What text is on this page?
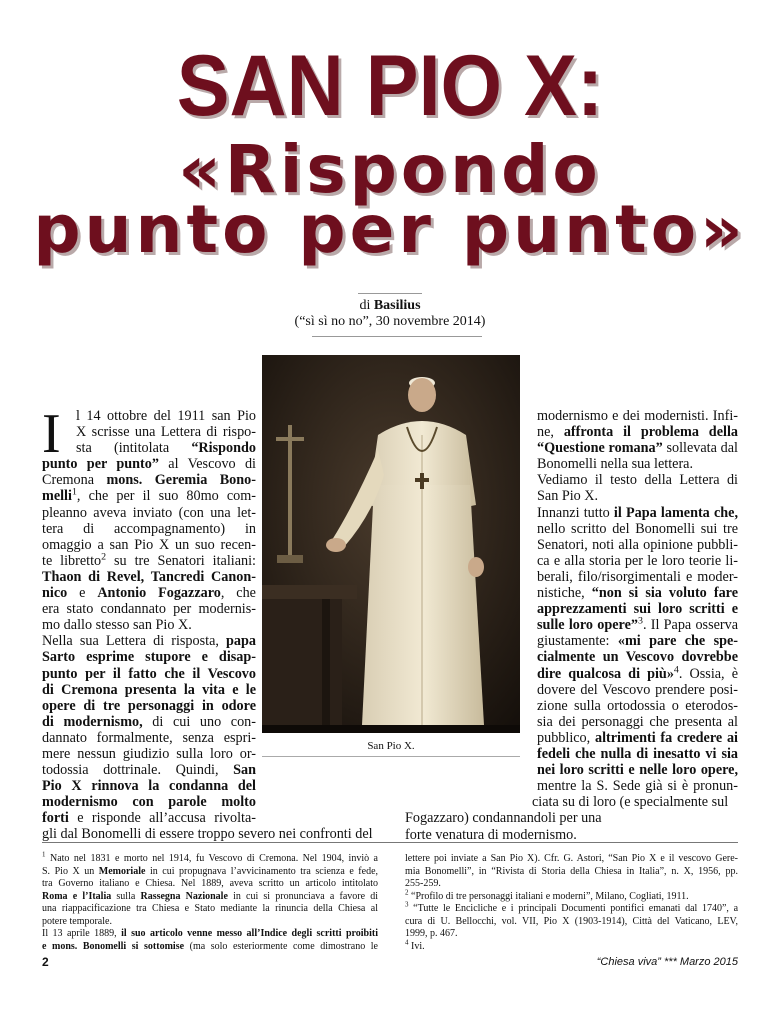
SAN PIO X:
«Rispondo
punto per punto»
di Basilius
(“sì sì no no”, 30 novembre 2014)
San Pio X.
I l 14 ottobre del 1911 san Pio
X scrisse una Lettera di rispo-
sta (intitolata “Rispondo
punto per punto” al Vescovo di
Cremona mons. Geremia Bono-
melli$^1$, che per il suo 80mo com-
pleanno aveva inviato (con una let-
tera di accompagnamento) in
omaggio a san Pio X un suo recen-
te libretto$^2$ su tre Senatori italiani:
Thaon di Revel, Tancredi Canon-
nico e Antonio Fogazzaro, che
era stato condannato per modernis-
mo dallo stesso san Pio X.
Nella sua Lettera di risposta, papa
Sarto esprime stupore e disap-
punto per il fatto che il Vescovo
di Cremona presenta la vita e le
opere di tre personaggi in odore
di modernismo, di cui uno con-
dannato formalmente, senza espri-
mere nessun giudizio sulla loro or-
todossia dottrinale. Quindi, San
Pio X rinnova la condanna del
modernismo con parole molto
forti e risponde all’accusa rivolta-
gli dal Bonomelli di essere troppo severo nei confronti del
modernismo e dei modernisti. Infi-
ne, affronta il problema della
“Questione romana” sollevata dal
Bonomelli nella sua lettera.
Vediamo il testo della Lettera di
San Pio X.
Innanzi tutto il Papa lamenta che,
nello scritto del Bonomelli sui tre
Senatori, noti alla opinione pubbli-
ca e alla storia per le loro teorie li-
berali, filo/risorgimentali e moder-
nistiche, “non si sia voluto fare
apprezzamenti sui loro scritti e
sulle loro opere”$^3$. Il Papa osserva
giustamente: «mi pare che spe-
cialmente un Vescovo dovrebbe
dire qualcosa di più»$^4$. Ossia, è
dovere del Vescovo prendere posi-
zione sulla ortodossia o eterodos-
sia dei personaggi che presenta al
pubblico, altrimenti fa credere ai
fedeli che nulla di inesatto vi sia
nei loro scritti e nelle loro opere,
mentre la S. Sede già si è pronun-
ciata su di loro (e specialmente sul
Fogazzaro) condannandoli per una
forte venatura di modernismo.
$^1$ Nato nel 1831 e morto nel 1914, fu Vescovo di Cremona. Nel 1904, inviò a
S. Pio X un Memoriale in cui propugnava l’avvicinamento tra scienza e fede,
tra Governo italiano e Chiesa. Nel 1889, aveva scritto un articolo intitolato
Roma e l’Italia sulla Rassegna Nazionale in cui si pronunciava a favore di
una riappacificazione tra Chiesa e Stato mediante la rinuncia della Chiesa al
potere temporale.
Il 13 aprile 1889, il suo articolo venne messo all’Indice degli scritti proibiti
e mons. Bonomelli si sottomise (ma solo esteriormente come dimostrano le
lettere poi inviate a San Pio X). Cfr. G. Astori, “San Pio X e il vescovo Gere-
mia Bonomelli”, in “Rivista di Storia della Chiesa in Italia”, n. X, 1956, pp.
255-259.
$^2$ “Profilo di tre personaggi italiani e moderni”, Milano, Cogliati, 1911.
$^3$ “Tutte le Encicliche e i principali Documenti pontifici emanati dal 1740”, a
cura di U. Bellocchi, vol. VII, Pio X (1903-1914), Città del Vaticano, LEV,
1999, p. 467.
$^4$ Ivi.
2	“Chiesa viva” *** Marzo 2015
